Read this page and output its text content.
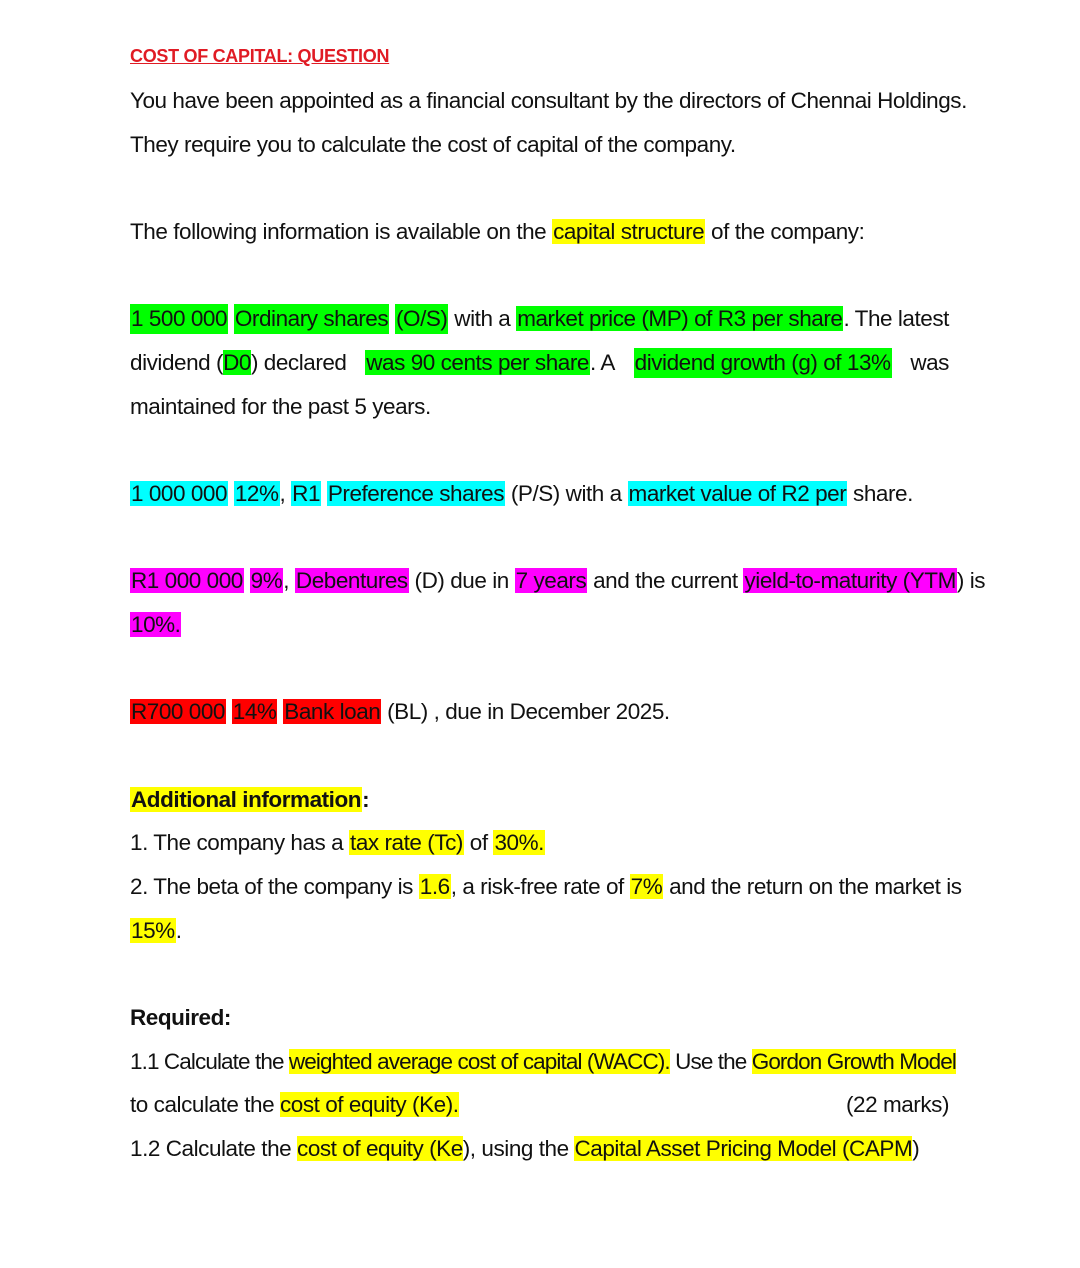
COST OF CAPITAL: QUESTION
You have been appointed as a financial consultant by the directors of Chennai Holdings.
They require you to calculate the cost of capital of the company.
The following information is available on the capital structure of the company:
1 500 000 Ordinary shares (O/S) with a market price (MP) of R3 per share. The latest
dividend (D0) declared was 90 cents per share. A dividend growth (g) of 13% was
maintained for the past 5 years.
1 000 000 12%, R1 Preference shares (P/S) with a market value of R2 per share.
R1 000 000 9%, Debentures (D) due in 7 years and the current yield-to-maturity (YTM) is
10%.
R700 000 14% Bank loan (BL) , due in December 2025.
Additional information:
1. The company has a tax rate (Tc) of 30%.
2. The beta of the company is 1.6, a risk-free rate of 7% and the return on the market is
15%.
Required:
1.1 Calculate the weighted average cost of capital (WACC). Use the Gordon Growth Model
to calculate the cost of equity (Ke).	(22 marks)
1.2 Calculate the cost of equity (Ke), using the Capital Asset Pricing Model (CAPM)
